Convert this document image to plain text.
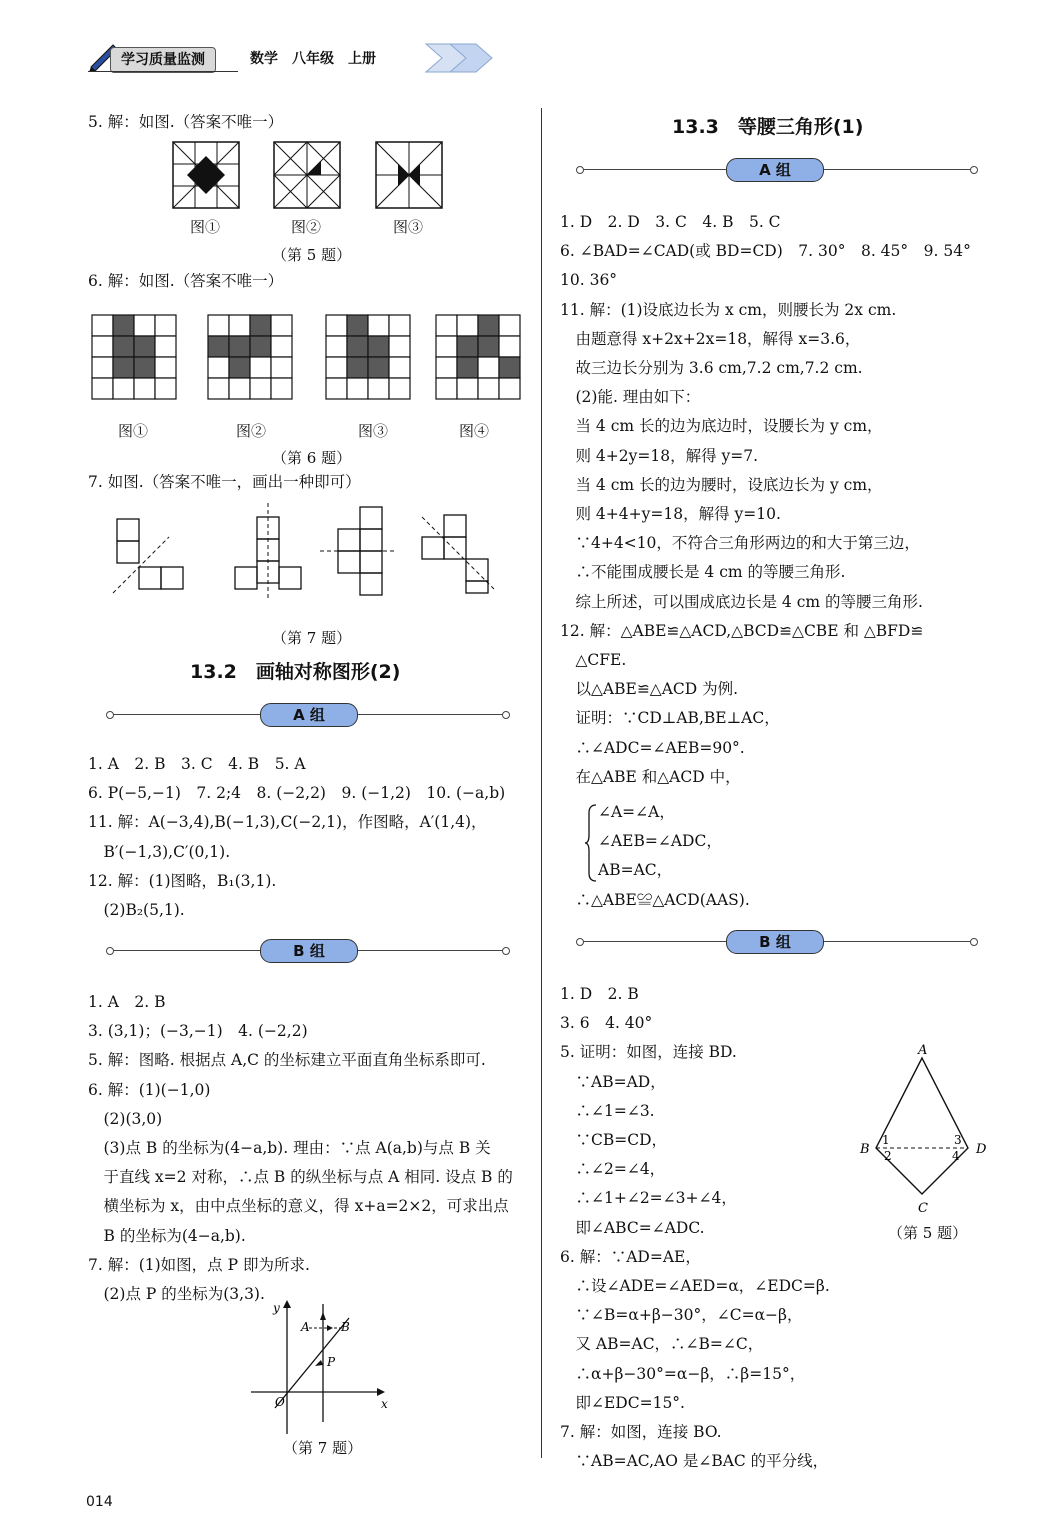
学习质量监测	数学　八年级　上册
5. 解：如图.（答案不唯一）
图①	图②	图③
（第 5 题）
6. 解：如图.（答案不唯一）
图①	图②	图③	图④
（第 6 题）
7. 如图.（答案不唯一，画出一种即可）
（第 7 题）
13.2　画轴对称图形(2)
A 组
1. A　2. B　3. C　4. B　5. A
6. P(−5,−1)　7. 2;4　8. (−2,2)　9. (−1,2)　10. (−a,b)
11. 解：A(−3,4),B(−1,3),C(−2,1)，作图略，A′(1,4)，
　B′(−1,3),C′(0,1).
12. 解：(1)图略，B₁(3,1).
　(2)B₂(5,1).
B 组
1. A　2. B
3. (3,1)；(−3,−1)　4. (−2,2)
5. 解：图略. 根据点 A,C 的坐标建立平面直角坐标系即可.
6. 解：(1)(−1,0)
　(2)(3,0)
　(3)点 B 的坐标为(4−a,b). 理由：∵点 A(a,b)与点 B 关
　于直线 x=2 对称，∴点 B 的纵坐标与点 A 相同. 设点 B 的
　横坐标为 x，由中点坐标的意义，得 x+a=2×2，可求出点
　B 的坐标为(4−a,b).
7. 解：(1)如图，点 P 即为所求.
　(2)点 P 的坐标为(3,3).
y
x
O
A	B
P
（第 7 题）
014
13.3　等腰三角形(1)
A 组
1. D　2. D　3. C　4. B　5. C
6. ∠BAD=∠CAD(或 BD=CD)　7. 30°　8. 45°　9. 54°
10. 36°
11. 解：(1)设底边长为 x cm，则腰长为 2x cm.
　由题意得 x+2x+2x=18，解得 x=3.6，
　故三边长分别为 3.6 cm,7.2 cm,7.2 cm.
　(2)能. 理由如下：
　当 4 cm 长的边为底边时，设腰长为 y cm，
　则 4+2y=18，解得 y=7.
　当 4 cm 长的边为腰时，设底边长为 y cm，
　则 4+4+y=18，解得 y=10.
　∵4+4<10，不符合三角形两边的和大于第三边，
　∴不能围成腰长是 4 cm 的等腰三角形.
　综上所述，可以围成底边长是 4 cm 的等腰三角形.
12. 解：△ABE≌△ACD,△BCD≌△CBE 和 △BFD≌
　△CFE.
　以△ABE≌△ACD 为例.
　证明：∵CD⊥AB,BE⊥AC，
　∴∠ADC=∠AEB=90°.
　在△ABE 和△ACD 中，
∠A=∠A，
∠AEB=∠ADC，
AB=AC，
　∴△ABE≌△ACD(AAS).
B 组
1. D　2. B
3. 6　4. 40°
5. 证明：如图，连接 BD.
　∵AB=AD，
　∴∠1=∠3.
　∵CB=CD，
　∴∠2=∠4，
　∴∠1+∠2=∠3+∠4，
　即∠ABC=∠ADC.
6. 解：∵AD=AE，
　∴设∠ADE=∠AED=α，∠EDC=β.
　∵∠B=α+β−30°，∠C=α−β，
　又 AB=AC，∴∠B=∠C，
　∴α+β−30°=α−β，∴β=15°，
　即∠EDC=15°.
7. 解：如图，连接 BO.
　∵AB=AC,AO 是∠BAC 的平分线，
A
B
C
D
1
2
3
4
（第 5 题）
